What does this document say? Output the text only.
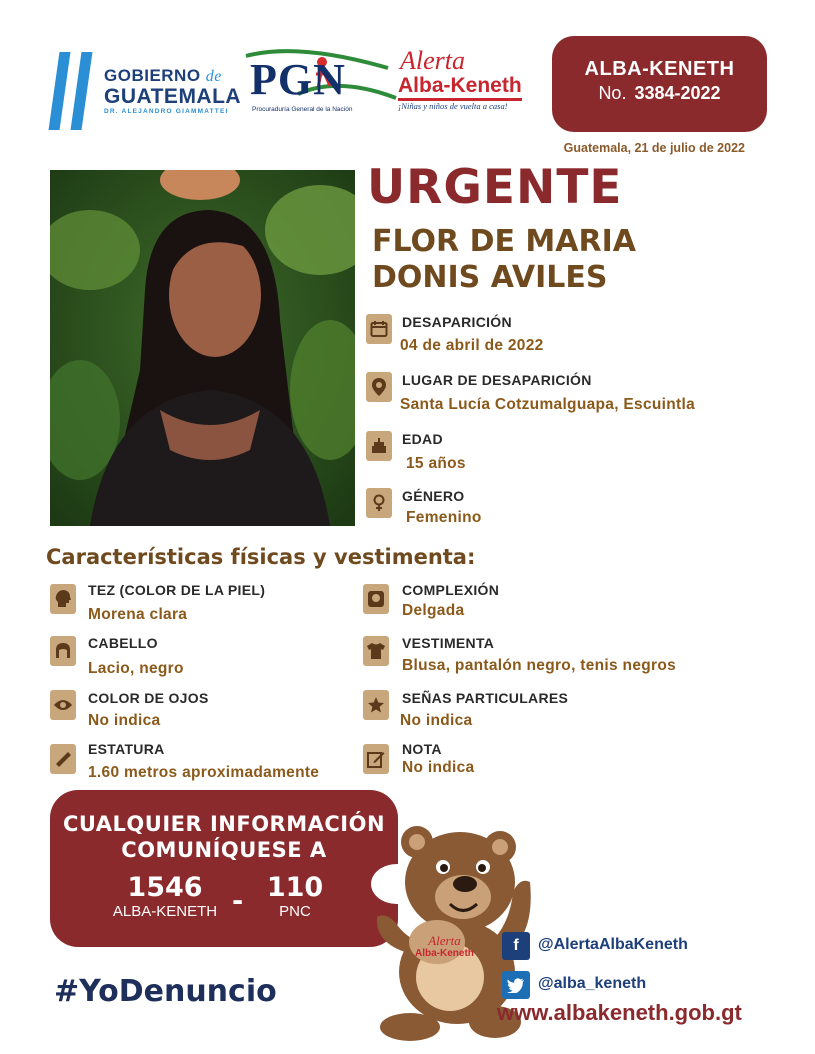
GOBIERNO de
GUATEMALA
DR. ALEJANDRO GIAMMATTEI
PGN
Procuraduría General de la Nación
Alerta
Alba-Keneth
¡Niñas y niños de vuelta a casa!
ALBA-KENETH
No. 3384-2022
Guatemala, 21 de julio de 2022
URGENTE
FLOR DE MARIA
DONIS AVILES
DESAPARICIÓN
04 de abril de 2022
LUGAR DE DESAPARICIÓN
Santa Lucía Cotzumalguapa, Escuintla
EDAD
15 años
GÉNERO
Femenino
Características físicas y vestimenta:
TEZ (COLOR DE LA PIEL)
Morena clara
CABELLO
Lacio, negro
COLOR DE OJOS
No indica
ESTATURA
1.60 metros aproximadamente
COMPLEXIÓN
Delgada
VESTIMENTA
Blusa, pantalón negro, tenis negros
SEÑAS PARTICULARES
No indica
NOTA
No indica
CUALQUIER INFORMACIÓN
COMUNÍQUESE A
1546
ALBA-KENETH - 110
PNC
Alerta
Alba-Keneth
#YoDenuncio
f	@AlertaAlbaKeneth
@alba_keneth
www.albakeneth.gob.gt
